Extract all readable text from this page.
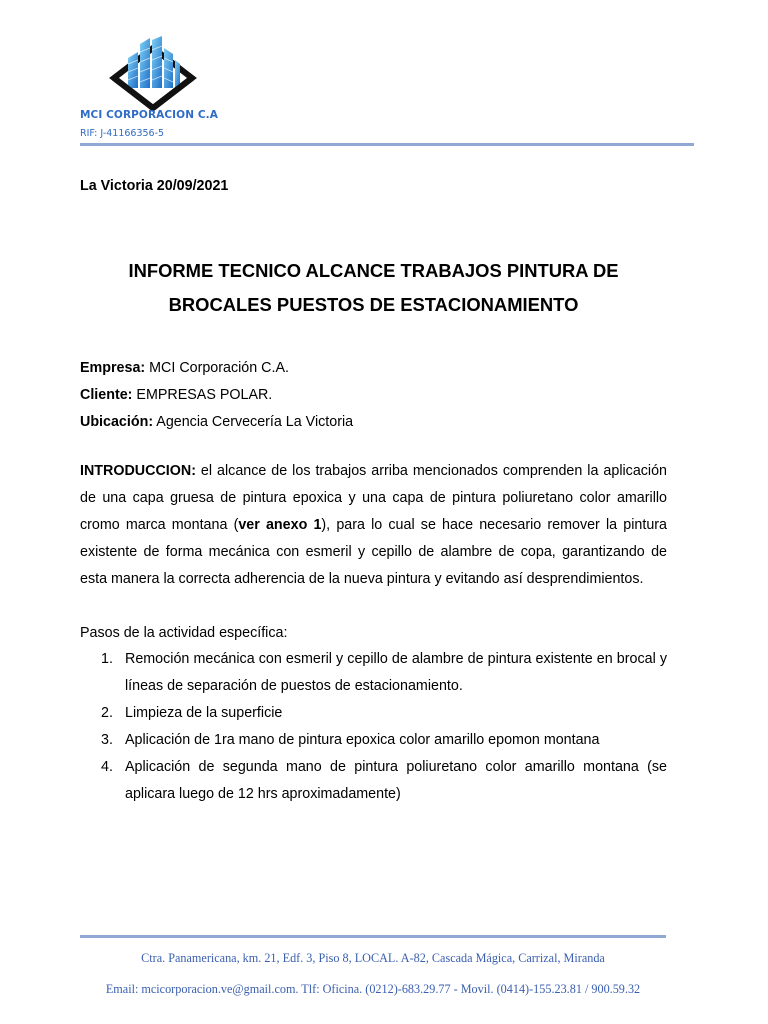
MCI CORPORACION C.A
RIF: J-41166356-5
La Victoria 20/09/2021
INFORME TECNICO ALCANCE TRABAJOS PINTURA DE
BROCALES PUESTOS DE ESTACIONAMIENTO
Empresa: MCI Corporación C.A.
Cliente: EMPRESAS POLAR.
Ubicación: Agencia Cervecería La Victoria
INTRODUCCION: el alcance de los trabajos arriba mencionados comprenden la aplicación de una capa gruesa de pintura epoxica y una capa de pintura poliuretano color amarillo cromo marca montana (ver anexo 1), para lo cual se hace necesario remover la pintura existente de forma mecánica con esmeril y cepillo de alambre de copa, garantizando de esta manera la correcta adherencia de la nueva pintura y evitando así desprendimientos.
Pasos de la actividad específica:
1. Remoción mecánica con esmeril y cepillo de alambre de pintura existente en brocal y líneas de separación de puestos de estacionamiento.
2. Limpieza de la superficie
3. Aplicación de 1ra mano de pintura epoxica color amarillo epomon montana
4. Aplicación de segunda mano de pintura poliuretano color amarillo montana (se aplicara luego de 12 hrs aproximadamente)
Ctra. Panamericana, km. 21, Edf. 3, Piso 8, LOCAL. A-82, Cascada Mágica, Carrizal, Miranda
Email: mcicorporacion.ve@gmail.com. Tlf: Oficina. (0212)-683.29.77 - Movil. (0414)-155.23.81 / 900.59.32
